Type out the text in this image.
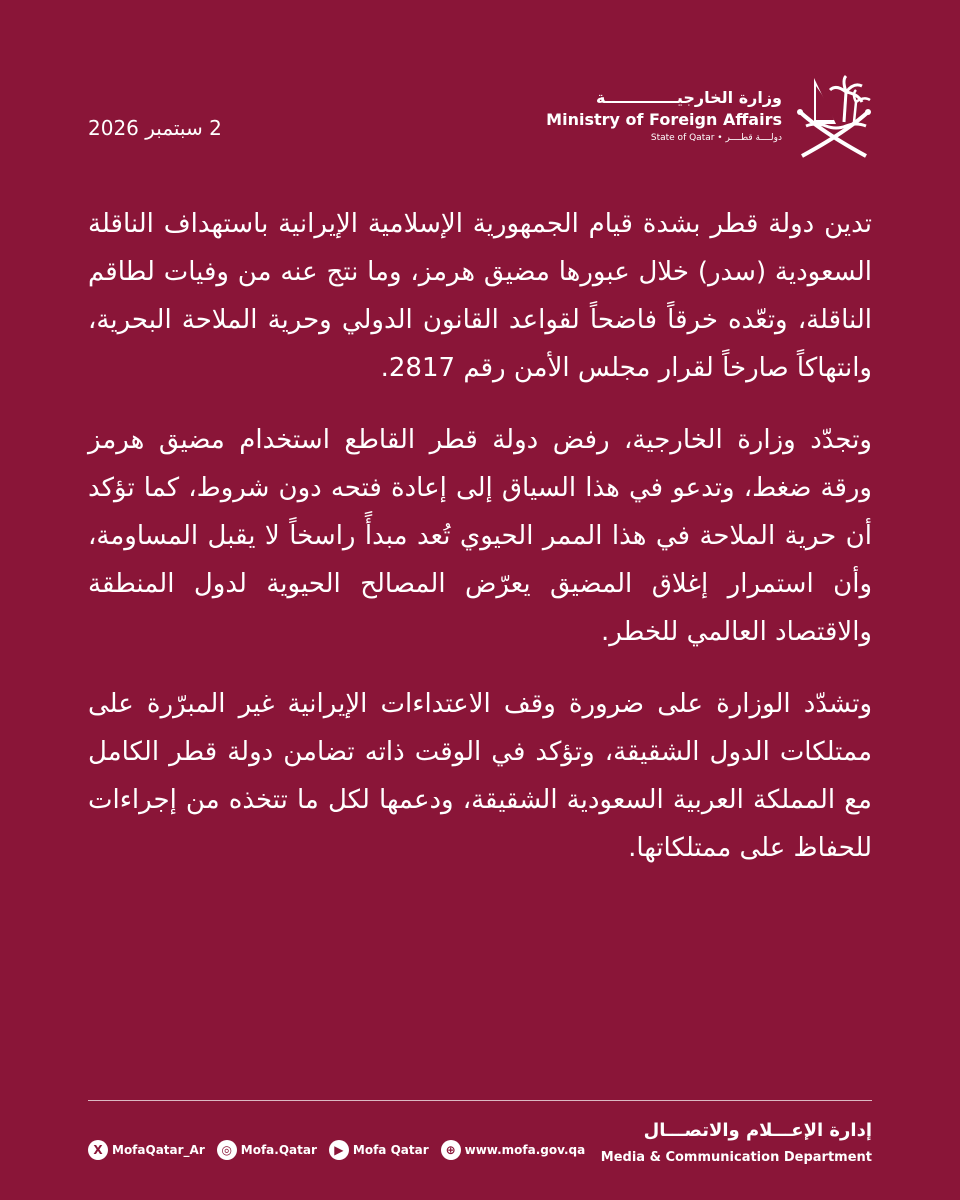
2 سبتمبر 2026
وزارة الخارجيـــــــــــــة
Ministry of Foreign Affairs
State of Qatar • دولــــة قطــــر

تدين دولة قطر بشدة قيام الجمهورية الإسلامية الإيرانية باستهداف الناقلة السعودية (سدر) خلال عبورها مضيق هرمز، وما نتج عنه من وفيات لطاقم الناقلة، وتعّده خرقاً فاضحاً لقواعد القانون الدولي وحرية الملاحة البحرية، وانتهاكاً صارخاً لقرار مجلس الأمن رقم 2817.

وتجدّد وزارة الخارجية، رفض دولة قطر القاطع استخدام مضيق هرمز ورقة ضغط، وتدعو في هذا السياق إلى إعادة فتحه دون شروط، كما تؤكد أن حرية الملاحة في هذا الممر الحيوي تُعد مبدأً راسخاً لا يقبل المساومة، وأن استمرار إغلاق المضيق يعرّض المصالح الحيوية لدول المنطقة والاقتصاد العالمي للخطر.

وتشدّد الوزارة على ضرورة وقف الاعتداءات الإيرانية غير المبرّرة على ممتلكات الدول الشقيقة، وتؤكد في الوقت ذاته تضامن دولة قطر الكامل مع المملكة العربية السعودية الشقيقة، ودعمها لكل ما تتخذه من إجراءات للحفاظ على ممتلكاتها.

إدارة الإعـــلام والاتصـــال
Media & Communication Department
X MofaQatar_Ar	◎ Mofa.Qatar	▶ Mofa Qatar	⊕ www.mofa.gov.qa
